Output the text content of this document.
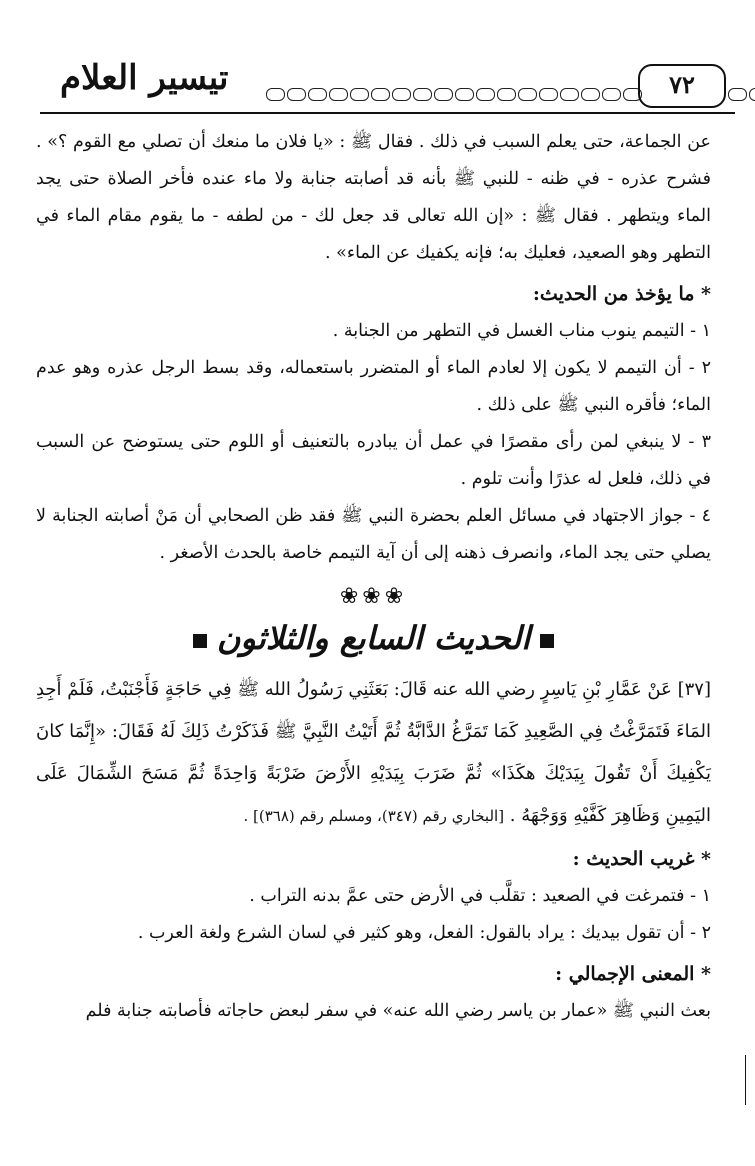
تيسير العلام	٧٢

عن الجماعة، حتى يعلم السبب في ذلك . فقال ﷺ : «يا فلان ما منعك أن تصلي مع القوم ؟» . فشرح عذره - في ظنه - للنبي ﷺ بأنه قد أصابته جنابة ولا ماء عنده فأخر الصلاة حتى يجد الماء ويتطهر . فقال ﷺ : «إن الله تعالى قد جعل لك - من لطفه - ما يقوم مقام الماء في التطهر وهو الصعيد، فعليك به؛ فإنه يكفيك عن الماء» .

* ما يؤخذ من الحديث:

١ - التيمم ينوب مناب الغسل في التطهر من الجنابة .

٢ - أن التيمم لا يكون إلا لعادم الماء أو المتضرر باستعماله، وقد بسط الرجل عذره وهو عدم الماء؛ فأقره النبي ﷺ على ذلك .

٣ - لا ينبغي لمن رأى مقصرًا في عمل أن يبادره بالتعنيف أو اللوم حتى يستوضح عن السبب في ذلك، فلعل له عذرًا وأنت تلوم .

٤ - جواز الاجتهاد في مسائل العلم بحضرة النبي ﷺ فقد ظن الصحابي أن مَنْ أصابته الجنابة لا يصلي حتى يجد الماء، وانصرف ذهنه إلى أن آية التيمم خاصة بالحدث الأصغر .

❀❀❀
الحديث السابع والثلاثون

[٣٧] عَنْ عَمَّارِ بْنِ يَاسِرٍ رضي الله عنه قَالَ: بَعَثَنِي رَسُولُ الله ﷺ فِي حَاجَةٍ فَأَجْنَبْتُ، فَلَمْ أَجِدِ المَاءَ فَتَمَرَّغْتُ فِي الصَّعِيدِ كَمَا تَمَرَّغُ الدَّابَّةُ ثُمَّ أَتَيْتُ النَّبِيَّ ﷺ فَذَكَرْتُ ذَلِكَ لَهُ فَقَالَ: «إِنَّمَا كانَ يَكْفِيكَ أَنْ تَقُولَ بِيَدَيْكَ هكَذَا» ثُمَّ ضَرَبَ بِيَدَيْهِ الأَرْضَ ضَرْبَةً وَاحِدَةً ثُمَّ مَسَحَ الشِّمَالَ عَلَى اليَمِينِ وَظَاهِرَ كَفَّيْهِ وَوَجْهَهُ . [البخاري رقم (٣٤٧)، ومسلم رقم (٣٦٨)] .

* غريب الحديث :

١ - فتمرغت في الصعيد : تقلَّب في الأرض حتى عمَّ بدنه التراب .

٢ - أن تقول بيديك : يراد بالقول: الفعل، وهو كثير في لسان الشرع ولغة العرب .

* المعنى الإجمالي :

بعث النبي ﷺ «عمار بن ياسر رضي الله عنه» في سفر لبعض حاجاته فأصابته جنابة فلم
